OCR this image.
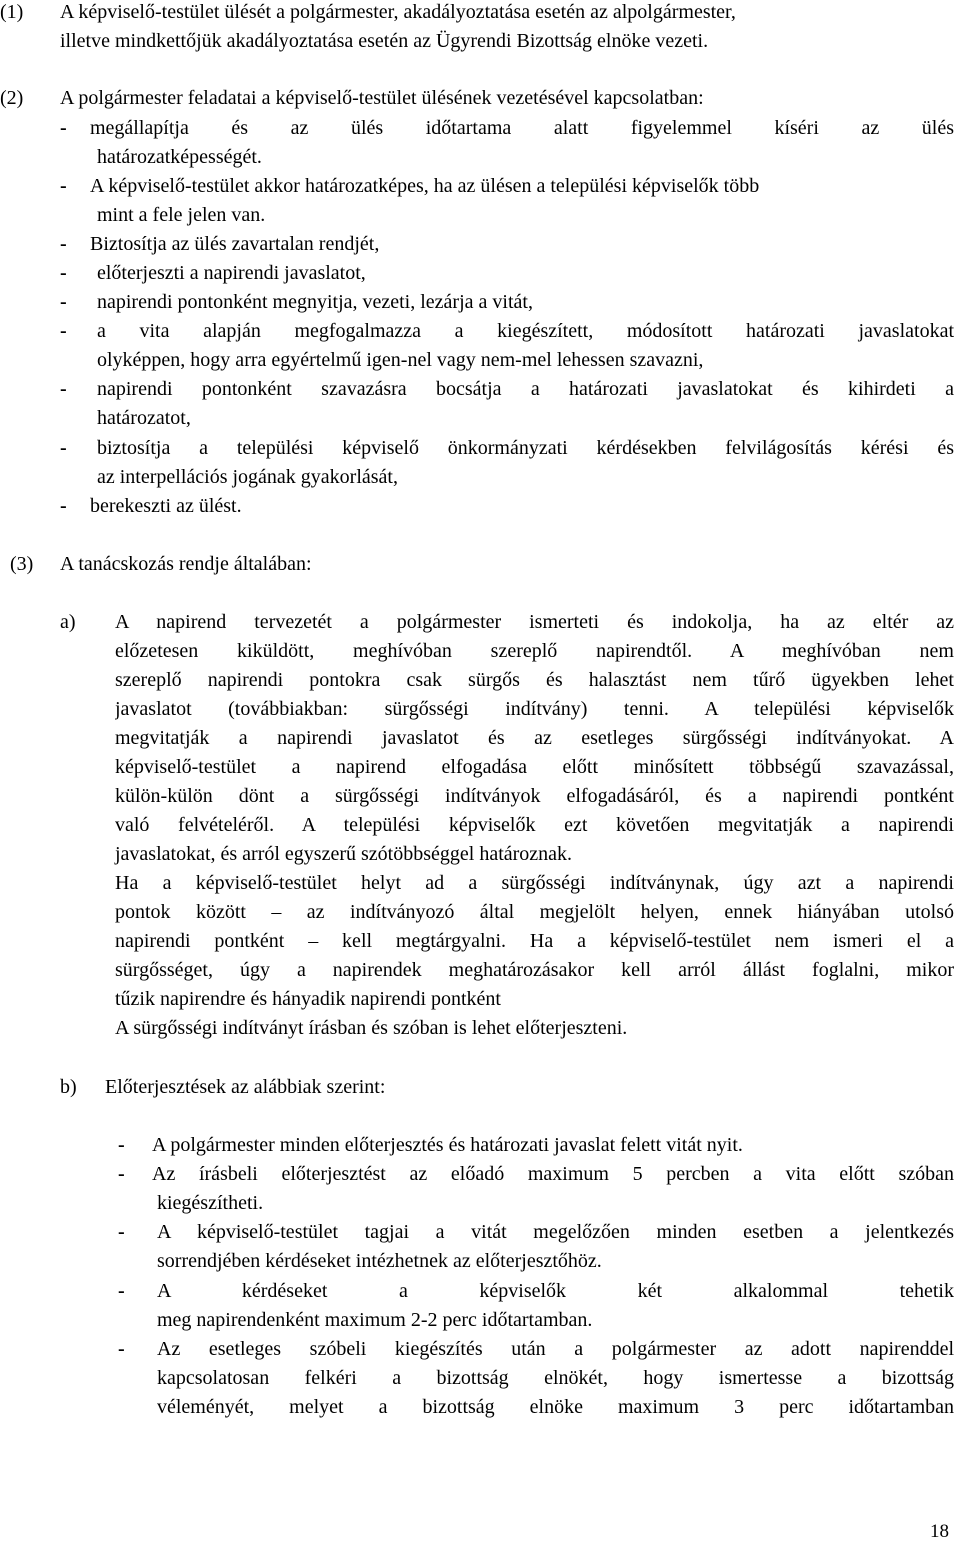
(1) A képviselő-testület ülését a polgármester, akadályoztatása esetén az alpolgármester,
illetve mindkettőjük akadályoztatása esetén az Ügyrendi Bizottság elnöke vezeti.
(2) A polgármester feladatai a képviselő-testület ülésének vezetésével kapcsolatban:
- megállapítja és az ülés időtartama alatt figyelemmel kíséri az ülés
határozatképességét.
- A képviselő-testület akkor határozatképes, ha az ülésen a települési képviselők több
mint a fele jelen van.
- Biztosítja az ülés zavartalan rendjét,
- előterjeszti a napirendi javaslatot,
- napirendi pontonként megnyitja, vezeti, lezárja a vitát,
- a vita alapján megfogalmazza a kiegészített, módosított határozati javaslatokat
olyképpen, hogy arra egyértelmű igen-nel vagy nem-mel lehessen szavazni,
- napirendi pontonként szavazásra bocsátja a határozati javaslatokat és kihirdeti a
határozatot,
- biztosítja a települési képviselő önkormányzati kérdésekben felvilágosítás kérési és
az interpellációs jogának gyakorlását,
- berekeszti az ülést.
(3) A tanácskozás rendje általában:
a) A napirend tervezetét a polgármester ismerteti és indokolja, ha az eltér az
előzetesen kiküldött, meghívóban szereplő napirendtől. A meghívóban nem
szereplő napirendi pontokra csak sürgős és halasztást nem tűrő ügyekben lehet
javaslatot (továbbiakban: sürgősségi indítvány) tenni. A települési képviselők
megvitatják a napirendi javaslatot és az esetleges sürgősségi indítványokat. A
képviselő-testület a napirend elfogadása előtt minősített többségű szavazással,
külön-külön dönt a sürgősségi indítványok elfogadásáról, és a napirendi pontként
való felvételéről. A települési képviselők ezt követően megvitatják a napirendi
javaslatokat, és arról egyszerű szótöbbséggel határoznak.
Ha a képviselő-testület helyt ad a sürgősségi indítványnak, úgy azt a napirendi
pontok között – az indítványozó által megjelölt helyen, ennek hiányában utolsó
napirendi pontként – kell megtárgyalni. Ha a képviselő-testület nem ismeri el a
sürgősséget, úgy a napirendek meghatározásakor kell arról állást foglalni, mikor
tűzik napirendre és hányadik napirendi pontként
A sürgősségi indítványt írásban és szóban is lehet előterjeszteni.
b) Előterjesztések az alábbiak szerint:
- A polgármester minden előterjesztés és határozati javaslat felett vitát nyit.
- Az írásbeli előterjesztést az előadó maximum 5 percben a vita előtt szóban
kiegészítheti.
- A képviselő-testület tagjai a vitát megelőzően minden esetben a jelentkezés
sorrendjében kérdéseket intézhetnek az előterjesztőhöz.
- A kérdéseket a képviselők két alkalommal tehetik
meg napirendenként maximum 2-2 perc időtartamban.
- Az esetleges szóbeli kiegészítés után a polgármester az adott napirenddel
kapcsolatosan felkéri a bizottság elnökét, hogy ismertesse a bizottság
véleményét, melyet a bizottság elnöke maximum 3 perc időtartamban
18
